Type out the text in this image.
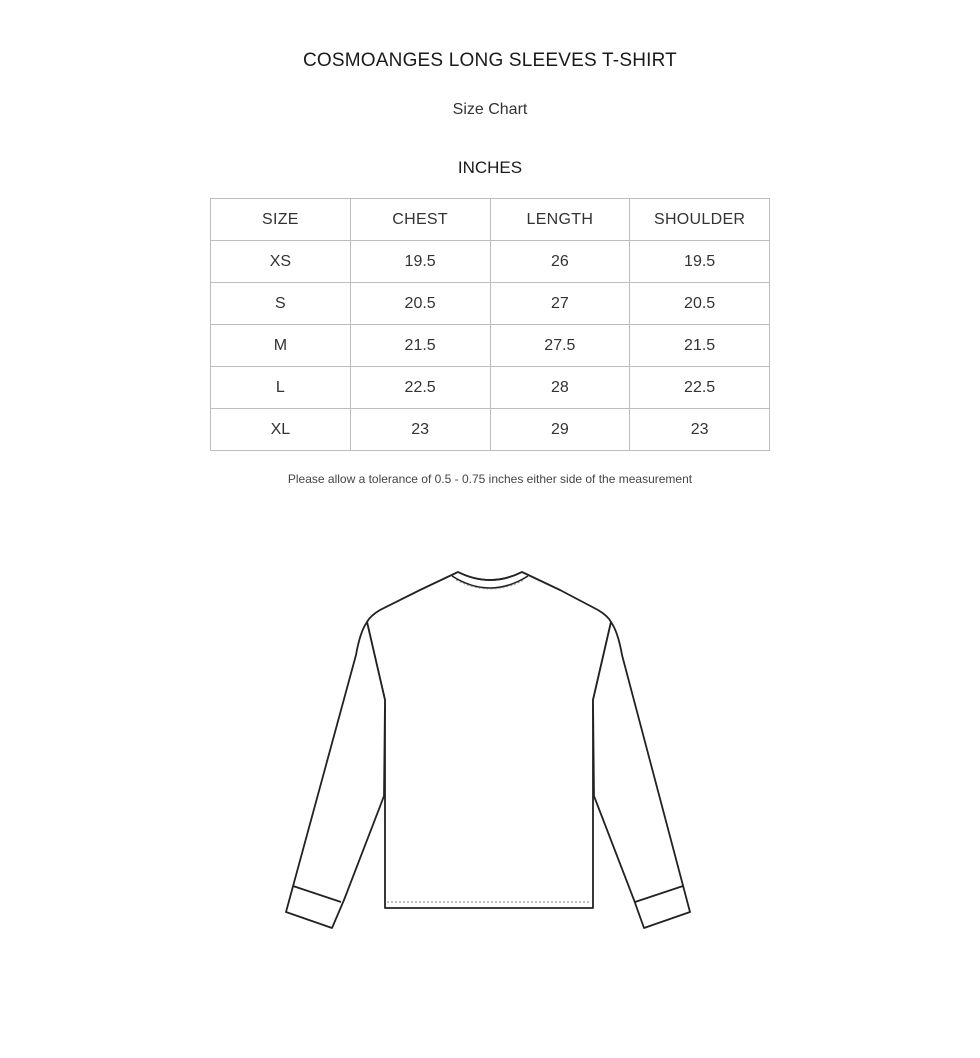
COSMOANGES LONG SLEEVES T-SHIRT
Size Chart
INCHES
SIZE	CHEST	LENGTH	SHOULDER
XS	19.5	26	19.5
S	20.5	27	20.5
M	21.5	27.5	21.5
L	22.5	28	22.5
XL	23	29	23
Please allow a tolerance of 0.5 - 0.75 inches either side of the measurement
